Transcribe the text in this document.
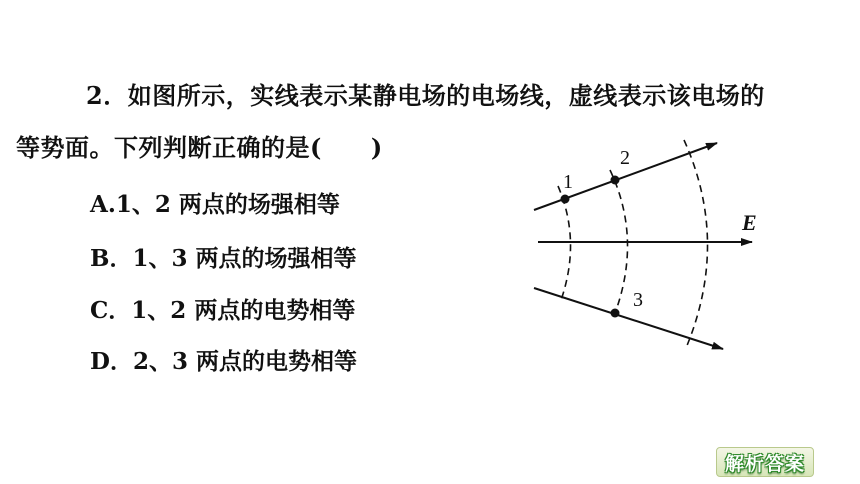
2．如图所示，实线表示某静电场的电场线，虚线表示该电场的
等势面。下列判断正确的是(　　)
A.1、2 两点的场强相等
B．1、3 两点的场强相等
C．1、2 两点的电势相等
D．2、3 两点的电势相等
1
2
3
E
解析答案
